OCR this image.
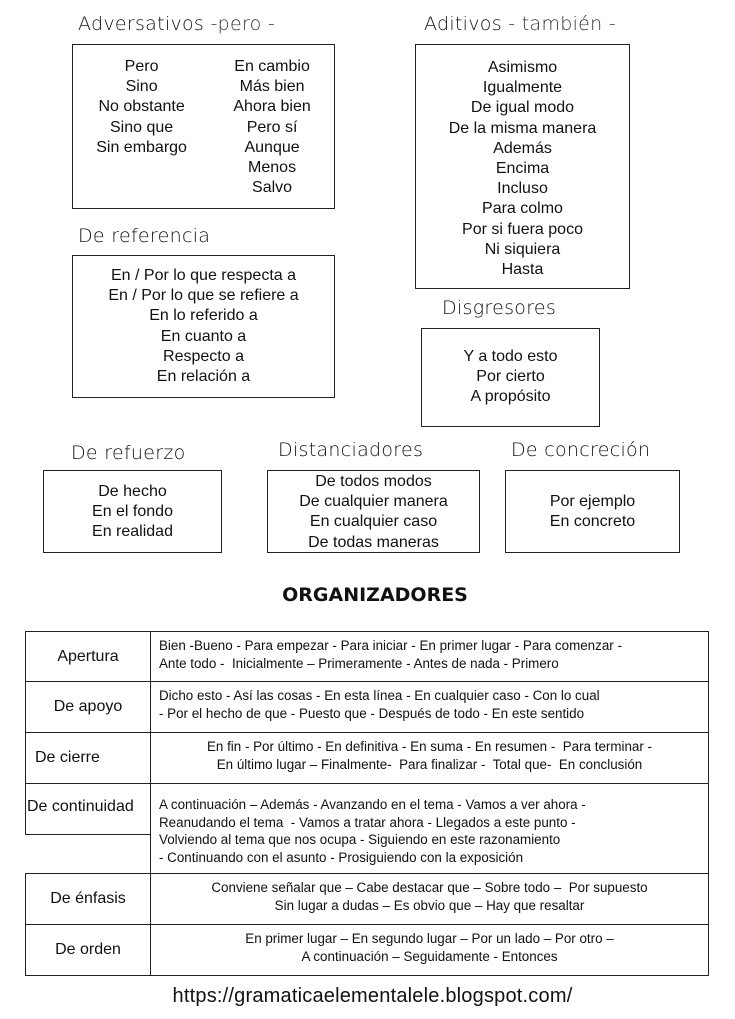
Adversativos -pero -
Pero
Sino
No obstante
Sino que
Sin embargo
En cambio
Más bien
Ahora bien
Pero sí
Aunque
Menos
Salvo
Aditivos - también -
Asimismo
Igualmente
De igual modo
De la misma manera
Además
Encima
Incluso
Para colmo
Por si fuera poco
Ni siquiera
Hasta
De referencia
En / Por lo que respecta a
En / Por lo que se refiere a
En lo referido a
En cuanto a
Respecto a
En relación a
Disgresores
Y a todo esto
Por cierto
A propósito
De refuerzo
De hecho
En el fondo
En realidad
Distanciadores
De todos modos
De cualquier manera
En cualquier caso
De todas maneras
De concreción
Por ejemplo
En concreto
ORGANIZADORES
Apertura
Bien -Bueno - Para empezar - Para iniciar - En primer lugar - Para comenzar -
Ante todo -  Inicialmente – Primeramente - Antes de nada - Primero
De apoyo
Dicho esto - Así las cosas - En esta línea - En cualquier caso - Con lo cual
- Por el hecho de que - Puesto que - Después de todo - En este sentido
De cierre
En fin - Por último - En definitiva - En suma - En resumen -  Para terminar -
En último lugar – Finalmente-  Para finalizar -  Total que-  En conclusión
De continuidad	A continuación – Además - Avanzando en el tema - Vamos a ver ahora -
Reanudando el tema  - Vamos a tratar ahora - Llegados a este punto -
Volviendo al tema que nos ocupa - Siguiendo en este razonamiento
- Continuando con el asunto - Prosiguiendo con la exposición
De énfasis
Conviene señalar que – Cabe destacar que – Sobre todo –  Por supuesto
Sin lugar a dudas – Es obvio que – Hay que resaltar
De orden
En primer lugar – En segundo lugar – Por un lado – Por otro –
A continuación – Seguidamente - Entonces
https://gramaticaelementalele.blogspot.com/
